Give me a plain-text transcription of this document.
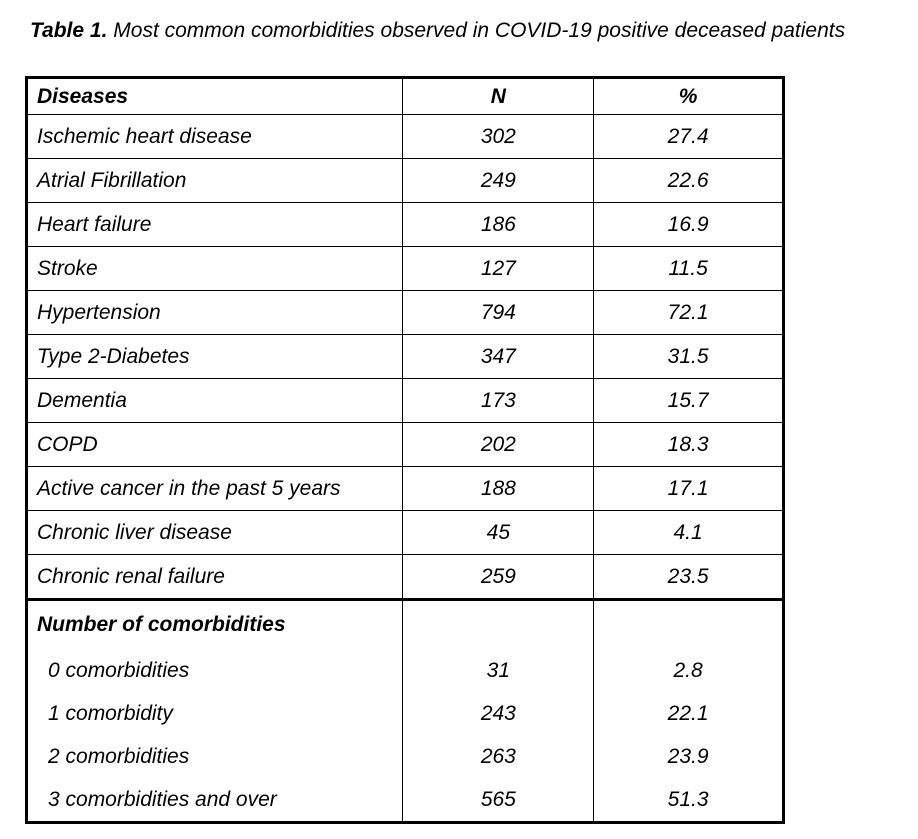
Table 1. Most common comorbidities observed in COVID-19 positive deceased patients
Diseases	N	%
Ischemic heart disease	302	27.4
Atrial Fibrillation	249	22.6
Heart failure	186	16.9
Stroke	127	11.5
Hypertension	794	72.1
Type 2-Diabetes	347	31.5
Dementia	173	15.7
COPD	202	18.3
Active cancer in the past 5 years	188	17.1
Chronic liver disease	45	4.1
Chronic renal failure	259	23.5
Number of comorbidities		
0 comorbidities	31	2.8
1 comorbidity	243	22.1
2 comorbidities	263	23.9
3 comorbidities and over	565	51.3
